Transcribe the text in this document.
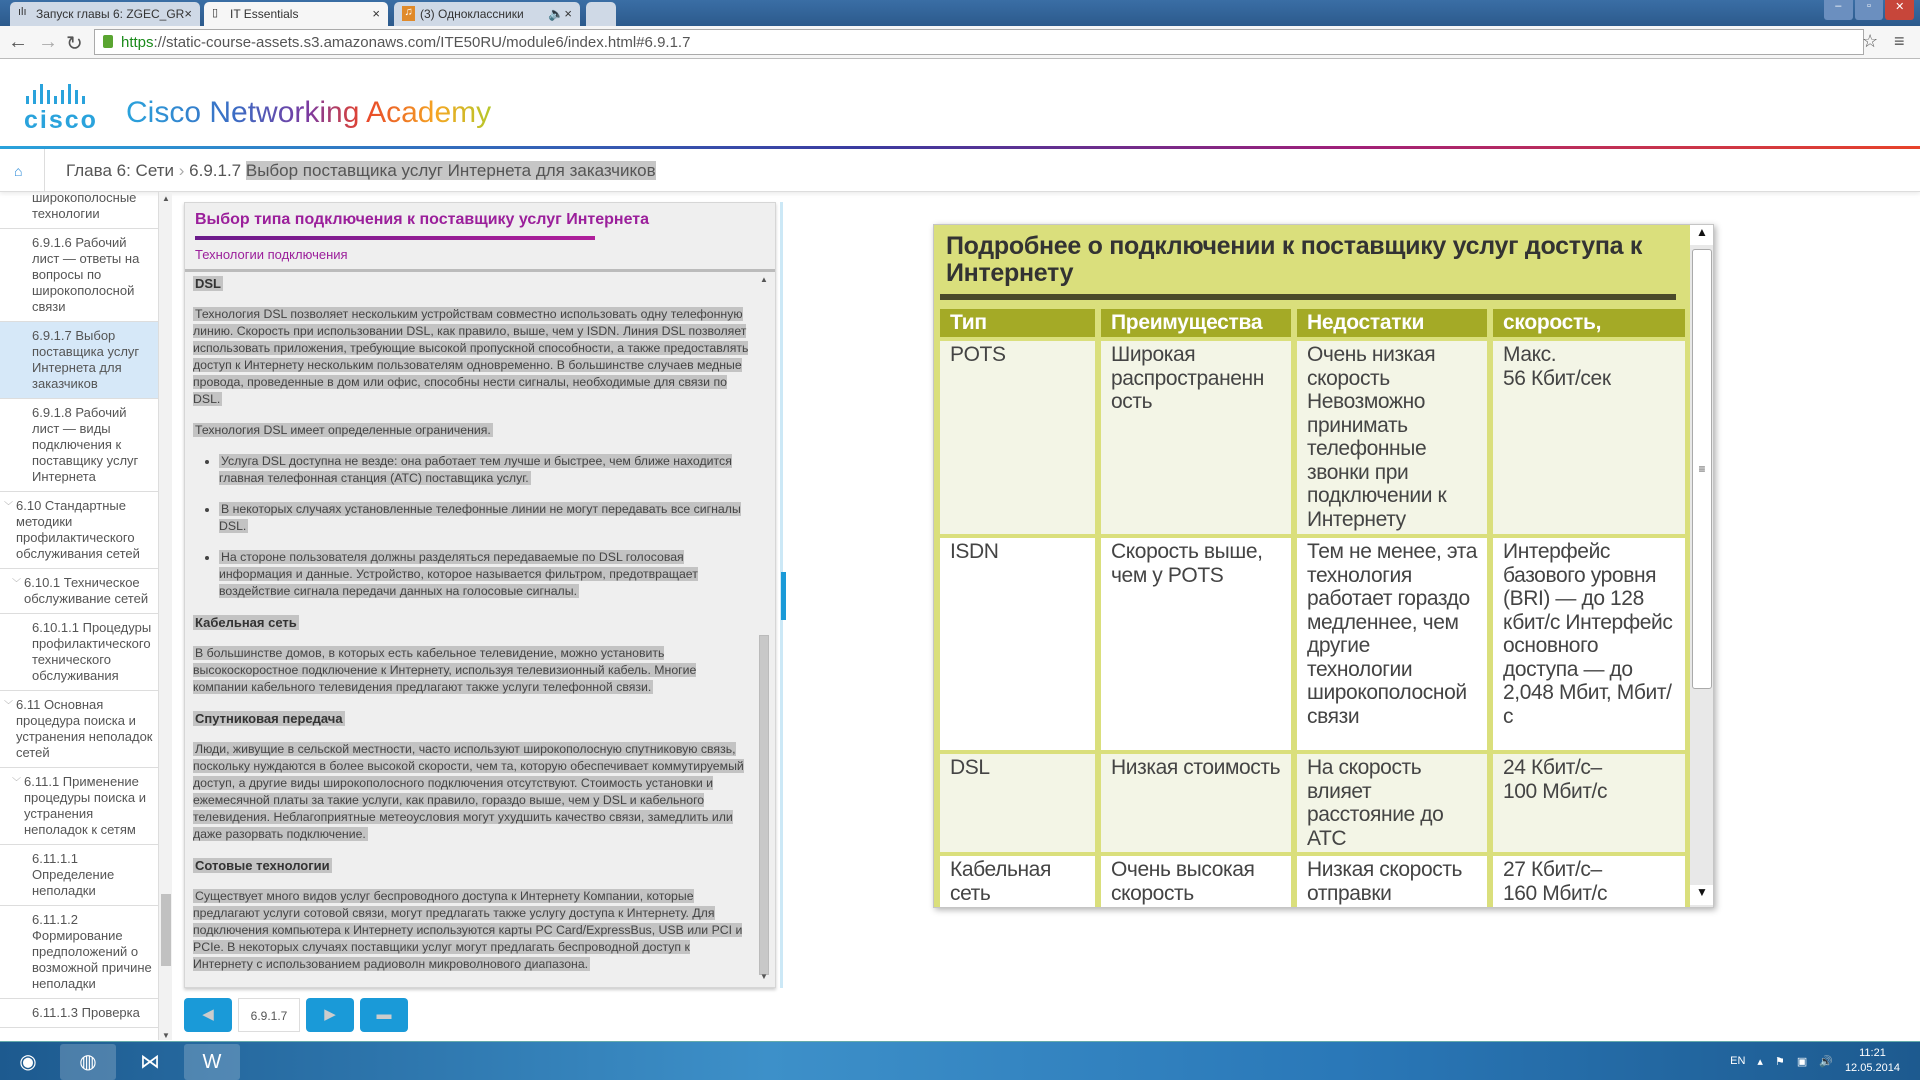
ılı Запуск главы 6: ZGEC_GR × ▯ IT Essentials	× ♫ (3) Одноклассники 🔈×	–	▫	✕
← → ↻	https://static-course-assets.s3.amazonaws.com/ITE50RU/module6/index.html#6.9.1.7	☆ ≡
cisco Cisco Networking Academy
⌂	Глава 6: Сети › 6.9.1.7 Выбор поставщика услуг Интернета для заказчиков
широкополосные технологии
6.9.1.6 Рабочий лист — ответы на вопросы по широкополосной связи
6.9.1.7 Выбор поставщика услуг Интернета для заказчиков
6.9.1.8 Рабочий лист — виды подключения к поставщику услуг Интернета
﹀ 6.10 Стандартные методики профилактического обслуживания сетей
﹀ 6.10.1 Техническое обслуживание сетей
6.10.1.1 Процедуры профилактического технического обслуживания
﹀ 6.11 Основная процедура поиска и устранения неполадок сетей
﹀ 6.11.1 Применение процедуры поиска и устранения неполадок к сетям
6.11.1.1 Определение неполадки
6.11.1.2 Формирование предположений о возможной причине неполадки
6.11.1.3 Проверка
▲
▼
Выбор типа подключения к поставщику услуг Интернета
Технологии подключения
DSL

Технология DSL позволяет нескольким устройствам совместно использовать одну телефонную линию. Скорость при использовании DSL, как правило, выше, чем у ISDN. Линия DSL позволяет использовать приложения, требующие высокой пропускной способности, а также предоставлять доступ к Интернету нескольким пользователям одновременно. В большинстве случаев медные провода, проведенные в дом или офис, способны нести сигналы, необходимые для связи по DSL.

Технология DSL имеет определенные ограничения.

• Услуга DSL доступна не везде: она работает тем лучше и быстрее, чем ближе находится главная телефонная станция (АТС) поставщика услуг.
• В некоторых случаях установленные телефонные линии не могут передавать все сигналы DSL.
• На стороне пользователя должны разделяться передаваемые по DSL голосовая информация и данные. Устройство, которое называется фильтром, предотвращает воздействие сигнала передачи данных на голосовые сигналы.
Кабельная сеть

В большинстве домов, в которых есть кабельное телевидение, можно установить высокоскоростное подключение к Интернету, используя телевизионный кабель. Многие компании кабельного телевидения предлагают также услуги телефонной связи.

Спутниковая передача

Люди, живущие в сельской местности, часто используют широкополосную спутниковую связь, поскольку нуждаются в более высокой скорости, чем та, которую обеспечивает коммутируемый доступ, а другие виды широкополосного подключения отсутствуют. Стоимость установки и ежемесячной платы за такие услуги, как правило, гораздо выше, чем у DSL и кабельного телевидения. Неблагоприятные метеоусловия могут ухудшить качество связи, замедлить или даже разорвать подключение.

Сотовые технологии

Существует много видов услуг беспроводного доступа к Интернету Компании, которые предлагают услуги сотовой связи, могут предлагать также услугу доступа к Интернету. Для подключения компьютера к Интернету используются карты PC Card/ExpressBus, USB или PCI и PCIe. В некоторых случаях поставщики услуг могут предлагать беспроводной доступ к Интернету с использованием радиоволн микроволнового диапазона.

▲
▼
◀	6.9.1.7	▶	▬
Подробнее о подключении к поставщику услуг доступа к Интернету
Тип	Преимущества	Недостатки	скорость,
POTS	Широкая распространенн ость	Очень низкая скорость Невозможно принимать телефонные звонки при подключении к Интернету	Макс.
56 Кбит/сек
ISDN	Скорость выше, чем у POTS	Тем не менее, эта технология работает гораздо медленнее, чем другие технологии широкополосной связи	Интерфейс базового уровня (BRI) — до 128 кбит/с Интерфейс основного доступа — до 2,048 Мбит, Мбит/с
DSL	Низкая стоимость	На скорость влияет расстояние до АТС	24 Кбит/с–
100 Мбит/с
Кабельная сеть	Очень высокая скорость	Низкая скорость отправки	27 Кбит/с–
160 Мбит/с
▲
≡
▼
◉	◍	⋈	W	EN ▴ ⚑ ▣ 🔊
11:21
12.05.2014
